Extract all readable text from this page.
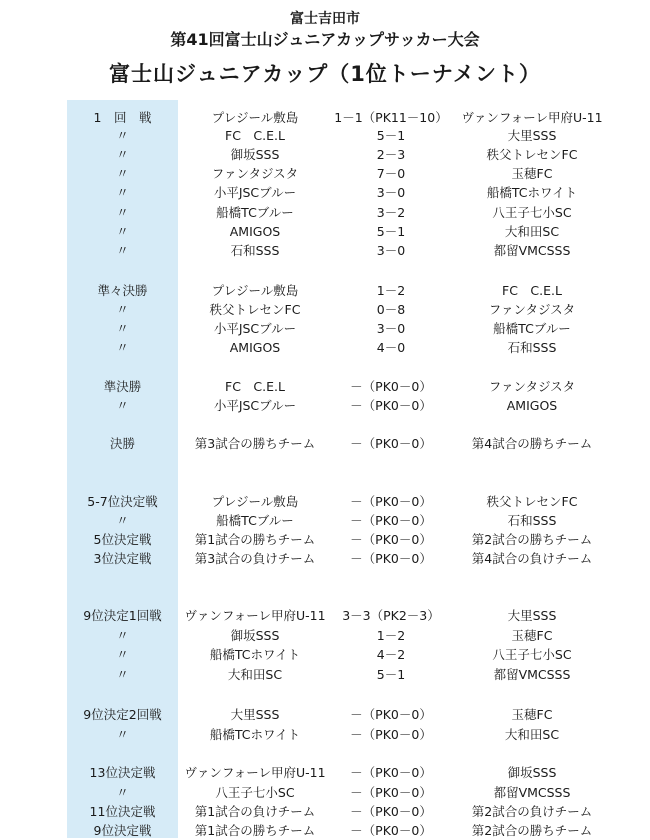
富士吉田市
第41回富士山ジュニアカップサッカー大会
富士山ジュニアカップ（1位トーナメント）
1　回　戦	プレジール敷島	1－1（PK11－10）	ヴァンフォーレ甲府U-11
〃	FC　C.E.L	5－1	大里SSS
〃	御坂SSS	2－3	秩父トレセンFC
〃	ファンタジスタ	7－0	玉穂FC
〃	小平JSCブルー	3－0	船橋TCホワイト
〃	船橋TCブルー	3－2	八王子七小SC
〃	AMIGOS	5－1	大和田SC
〃	石和SSS	3－0	都留VMCSSS
準々決勝	プレジール敷島	1－2	FC　C.E.L
〃	秩父トレセンFC	0－8	ファンタジスタ
〃	小平JSCブルー	3－0	船橋TCブルー
〃	AMIGOS	4－0	石和SSS
準決勝	FC　C.E.L	－（PK0－0）	ファンタジスタ
〃	小平JSCブルー	－（PK0－0）	AMIGOS
決勝	第3試合の勝ちチーム	－（PK0－0）	第4試合の勝ちチーム
5-7位決定戦	プレジール敷島	－（PK0－0）	秩父トレセンFC
〃	船橋TCブルー	－（PK0－0）	石和SSS
5位決定戦	第1試合の勝ちチーム	－（PK0－0）	第2試合の勝ちチーム
3位決定戦	第3試合の負けチーム	－（PK0－0）	第4試合の負けチーム
9位決定1回戦	ヴァンフォーレ甲府U-11	3－3（PK2－3）	大里SSS
〃	御坂SSS	1－2	玉穂FC
〃	船橋TCホワイト	4－2	八王子七小SC
〃	大和田SC	5－1	都留VMCSSS
9位決定2回戦	大里SSS	－（PK0－0）	玉穂FC
〃	船橋TCホワイト	－（PK0－0）	大和田SC
13位決定戦	ヴァンフォーレ甲府U-11	－（PK0－0）	御坂SSS
〃	八王子七小SC	－（PK0－0）	都留VMCSSS
11位決定戦	第1試合の負けチーム	－（PK0－0）	第2試合の負けチーム
9位決定戦	第1試合の勝ちチーム	－（PK0－0）	第2試合の勝ちチーム
